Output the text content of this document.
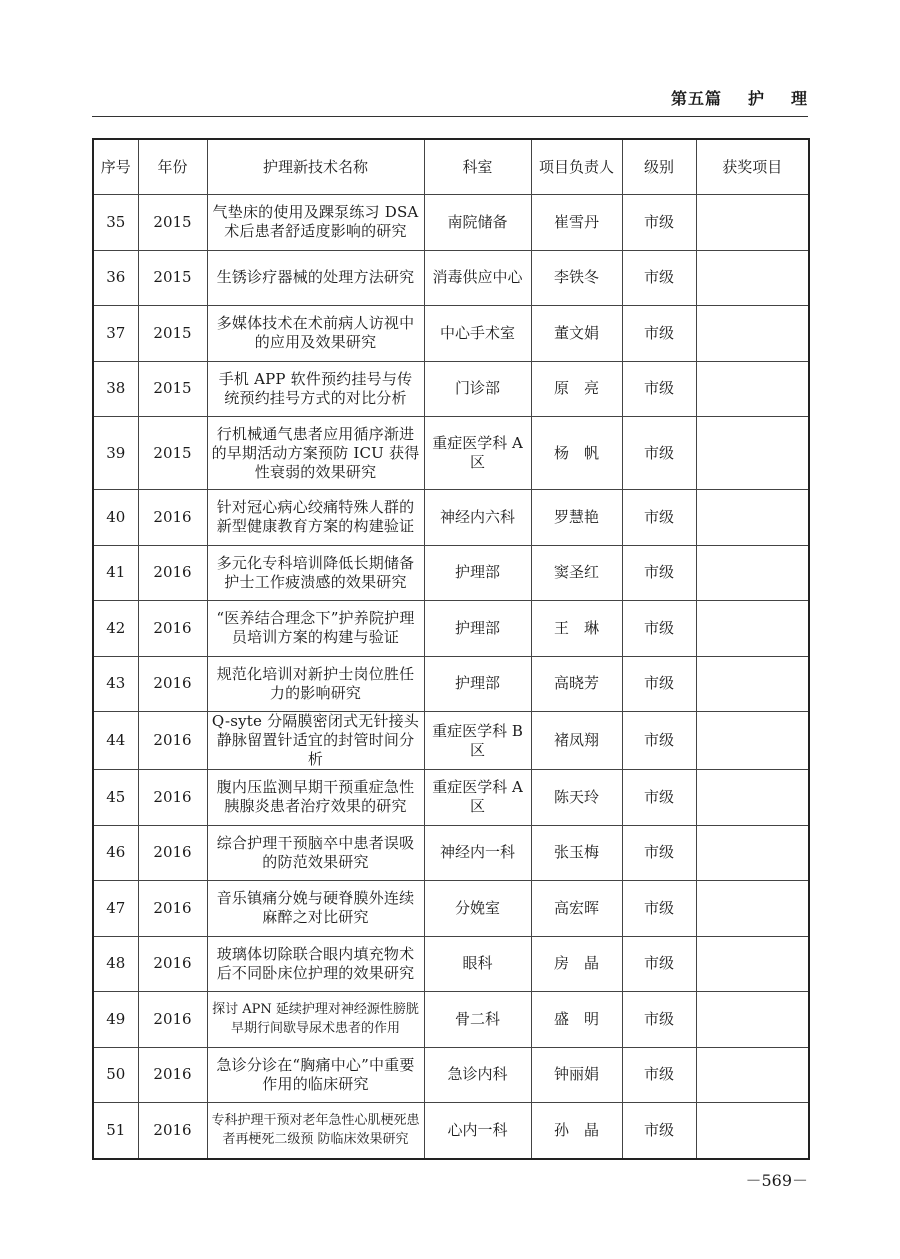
第五篇 护 理
序号	年份	护理新技术名称	科室	项目负责人	级别	获奖项目
35	2015	气垫床的使用及踝泵练习 DSA 术后患者舒适度影响的研究	南院储备	崔雪丹	市级	
36	2015	生锈诊疗器械的处理方法研究	消毒供应中心	李铁冬	市级	
37	2015	多媒体技术在术前病人访视中的应用及效果研究	中心手术室	董文娟	市级	
38	2015	手机 APP 软件预约挂号与传统预约挂号方式的对比分析	门诊部	原　亮	市级	
39	2015	行机械通气患者应用循序渐进的早期活动方案预防 ICU 获得性衰弱的效果研究	重症医学科 A 区	杨　帆	市级	
40	2016	针对冠心病心绞痛特殊人群的新型健康教育方案的构建验证	神经内六科	罗慧艳	市级	
41	2016	多元化专科培训降低长期储备护士工作疲溃感的效果研究	护理部	窦圣红	市级	
42	2016	“医养结合理念下”护养院护理员培训方案的构建与验证	护理部	王　琳	市级	
43	2016	规范化培训对新护士岗位胜任力的影响研究	护理部	高晓芳	市级	
44	2016	Q-syte 分隔膜密闭式无针接头静脉留置针适宜的封管时间分析	重症医学科 B 区	褚凤翔	市级	
45	2016	腹内压监测早期干预重症急性胰腺炎患者治疗效果的研究	重症医学科 A 区	陈天玲	市级	
46	2016	综合护理干预脑卒中患者误吸的防范效果研究	神经内一科	张玉梅	市级	
47	2016	音乐镇痛分娩与硬脊膜外连续麻醉之对比研究	分娩室	高宏晖	市级	
48	2016	玻璃体切除联合眼内填充物术后不同卧床位护理的效果研究	眼科	房　晶	市级	
49	2016	探讨 APN 延续护理对神经源性膀胱早期行间歇导尿术患者的作用	骨二科	盛　明	市级	
50	2016	急诊分诊在“胸痛中心”中重要作用的临床研究	急诊内科	钟丽娟	市级	
51	2016	专科护理干预对老年急性心肌梗死患者再梗死二级预 防临床效果研究	心内一科	孙　晶	市级	
－569－
